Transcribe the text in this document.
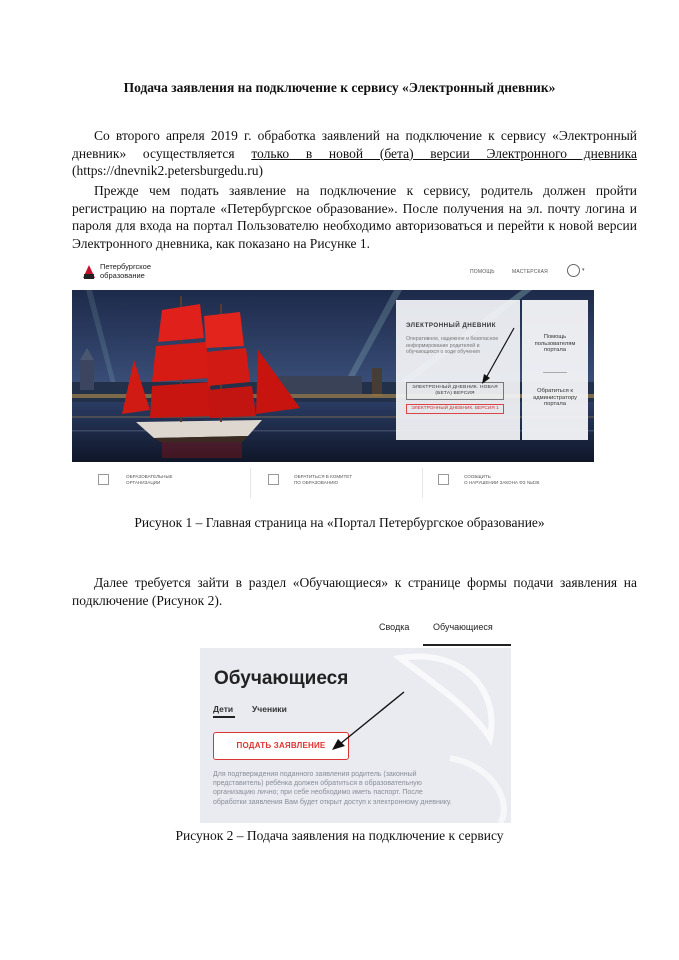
Подача заявления на подключение к сервису «Электронный дневник»
Со второго апреля 2019 г. обработка заявлений на подключение к сервису «Электронный дневник» осуществляется только в новой (бета) версии Электронного дневника (https://dnevnik2.petersburgedu.ru)
Прежде чем подать заявление на подключение к сервису, родитель должен пройти регистрацию на портале «Петербургское образование». После получения на эл. почту логина и пароля для входа на портал Пользователю необходимо авторизоваться и перейти к новой версии Электронного дневника, как показано на Рисунке 1.
Петербургское
образование	ПОМОЩЬ	МАСТЕРСКАЯ	▾
ЭЛЕКТРОННЫЙ ДНЕВНИК
Оперативное, надежное и безопасное информирование родителей и обучающихся о ходе обучения
ЭЛЕКТРОННЫЙ ДНЕВНИК. НОВАЯ
(БЕТА) ВЕРСИЯ
ЭЛЕКТРОННЫЙ ДНЕВНИК. ВЕРСИЯ 1
Помощь
пользователям
портала
Обратиться к
администратору
портала
ОБРАЗОВАТЕЛЬНЫЕ
ОРГАНИЗАЦИИ
ОБРАТИТЬСЯ В КОМИТЕТ
ПО ОБРАЗОВАНИЮ
СООБЩИТЬ
О НАРУШЕНИИ ЗАКОНА ФЗ №436
Рисунок 1 – Главная страница на «Портал Петербургское образование»
Далее требуется зайти в раздел «Обучающиеся» к странице формы подачи заявления на подключение (Рисунок 2).
Сводка	Обучающиеся
Обучающиеся
Дети Ученики
ПОДАТЬ ЗАЯВЛЕНИЕ
Для подтверждения поданного заявления родитель (законный представитель) ребёнка должен обратиться в образовательную организацию лично; при себе необходимо иметь паспорт. После обработки заявления Вам будет открыт доступ к электронному дневнику.
Рисунок 2 – Подача заявления на подключение к сервису
